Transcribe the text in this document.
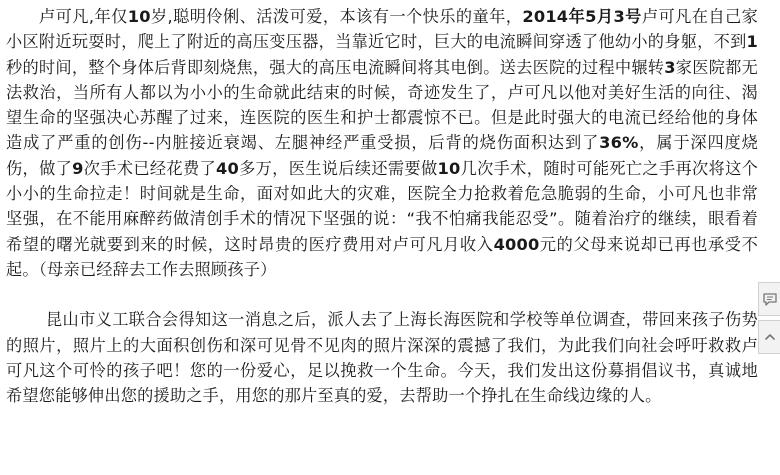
卢可凡,年仅10岁,聪明伶俐、活泼可爱，本该有一个快乐的童年，2014年5月3号卢可凡在自己家小区附近玩耍时，爬上了附近的高压变压器，当靠近它时，巨大的电流瞬间穿透了他幼小的身躯，不到1秒的时间，整个身体后背即刻烧焦，强大的高压电流瞬间将其电倒。送去医院的过程中辗转3家医院都无法救治，当所有人都以为小小的生命就此结束的时候，奇迹发生了，卢可凡以他对美好生活的向往、渴望生命的坚强决心苏醒了过来，连医院的医生和护士都震惊不已。但是此时强大的电流已经给他的身体造成了严重的创伤--内脏接近衰竭、左腿神经严重受损，后背的烧伤面积达到了36%，属于深四度烧伤，做了9次手术已经花费了40多万，医生说后续还需要做10几次手术，随时可能死亡之手再次将这个小小的生命拉走！时间就是生命，面对如此大的灾难，医院全力抢救着危急脆弱的生命，小可凡也非常坚强，在不能用麻醉药做清创手术的情况下坚强的说：“我不怕痛我能忍受”。随着治疗的继续，眼看着希望的曙光就要到来的时候，这时昂贵的医疗费用对卢可凡月收入4000元的父母来说却已再也承受不起。（母亲已经辞去工作去照顾孩子）

昆山市义工联合会得知这一消息之后，派人去了上海长海医院和学校等单位调查，带回来孩子伤势的照片，照片上的大面积创伤和深可见骨不见肉的照片深深的震撼了我们，为此我们向社会呼吁救救卢可凡这个可怜的孩子吧！您的一份爱心，足以挽救一个生命。今天，我们发出这份募捐倡议书，真诚地希望您能够伸出您的援助之手，用您的那片至真的爱，去帮助一个挣扎在生命线边缘的人。
